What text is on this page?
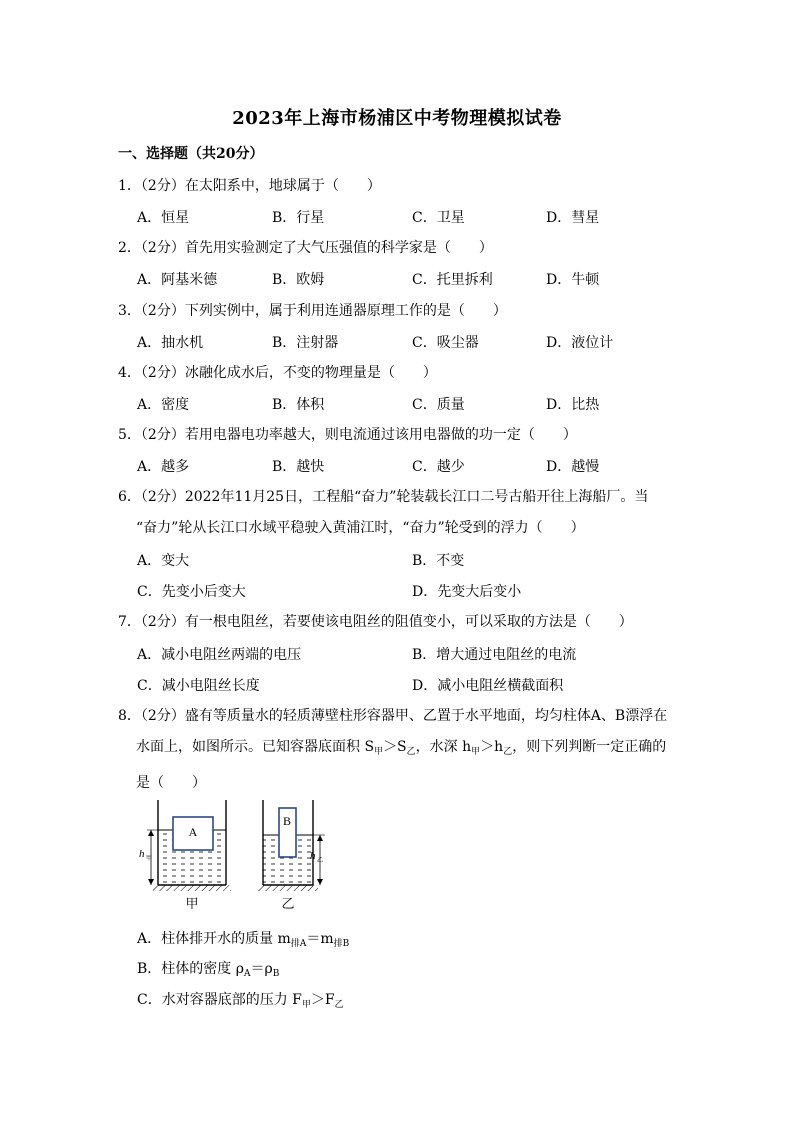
2023年上海市杨浦区中考物理模拟试卷
一、选择题（共20分）
1．（2分）在太阳系中，地球属于（　　）
A．恒星	B．行星	C．卫星	D．彗星
2．（2分）首先用实验测定了大气压强值的科学家是（　　）
A．阿基米德	B．欧姆	C．托里拆利	D．牛顿
3．（2分）下列实例中，属于利用连通器原理工作的是（　　）
A．抽水机	B．注射器	C．吸尘器	D．液位计
4．（2分）冰融化成水后，不变的物理量是（　　）
A．密度	B．体积	C．质量	D．比热
5．（2分）若用电器电功率越大，则电流通过该用电器做的功一定（　　）
A．越多	B．越快	C．越少	D．越慢
6．（2分）2022年11月25日，工程船“奋力”轮装载长江口二号古船开往上海船厂。当
“奋力”轮从长江口水域平稳驶入黄浦江时，“奋力”轮受到的浮力（　　）
A．变大	B．不变
C．先变小后变大	D．先变大后变小
7．（2分）有一根电阻丝，若要使该电阻丝的阻值变小，可以采取的方法是（　　）
A．减小电阻丝两端的电压	B．增大通过电阻丝的电流
C．减小电阻丝长度	D．减小电阻丝横截面积
8．（2分）盛有等质量水的轻质薄壁柱形容器甲、乙置于水平地面，均匀柱体A、B漂浮在
水面上，如图所示。已知容器底面积 $S_甲>S_乙$，水深 $h_甲>h_乙$，则下列判断一定正确的
是（　　）
A
h 甲
甲
B
h 乙
乙
A．柱体排开水的质量 $m_{排A}=m_{排B}$
B．柱体的密度 $\rho_A=\rho_B$
C．水对容器底部的压力 $F_甲>F_乙$
